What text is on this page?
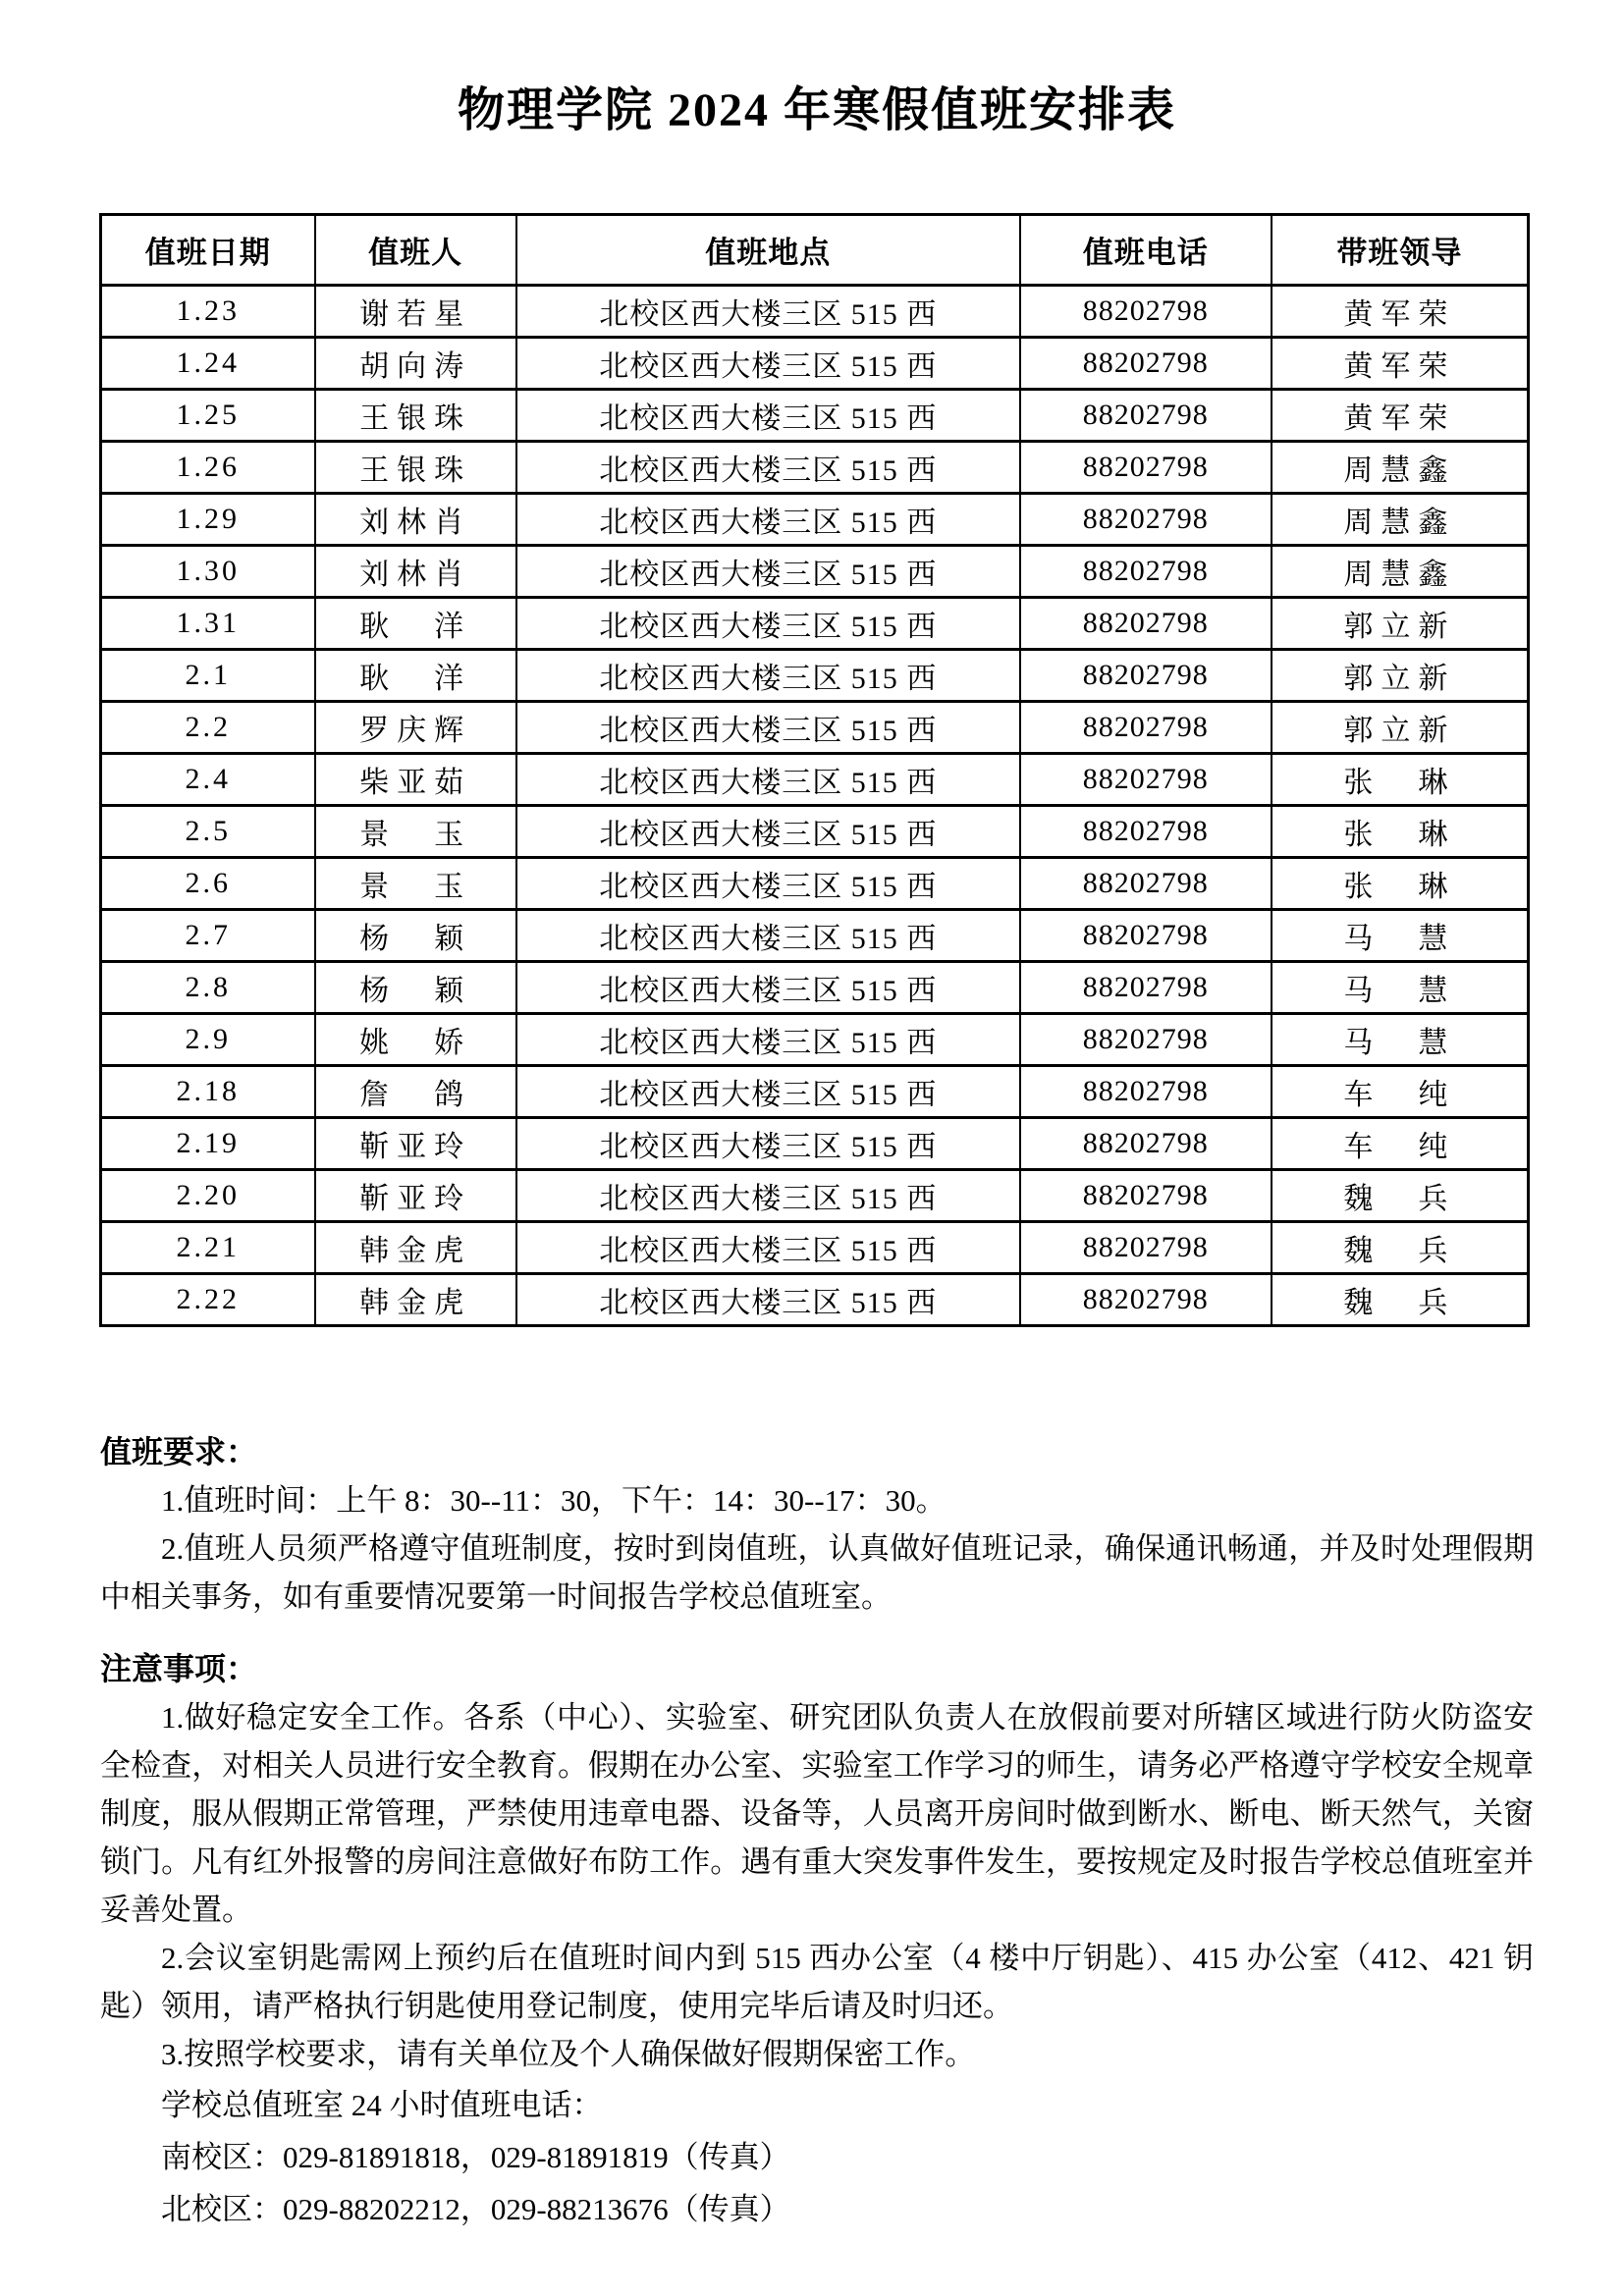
物理学院 2024 年寒假值班安排表
值班日期	值班人	值班地点	值班电话	带班领导
1.23	谢若星	北校区西大楼三区 515 西	88202798	黄军荣
1.24	胡向涛	北校区西大楼三区 515 西	88202798	黄军荣
1.25	王银珠	北校区西大楼三区 515 西	88202798	黄军荣
1.26	王银珠	北校区西大楼三区 515 西	88202798	周慧鑫
1.29	刘林肖	北校区西大楼三区 515 西	88202798	周慧鑫
1.30	刘林肖	北校区西大楼三区 515 西	88202798	周慧鑫
1.31	耿　洋	北校区西大楼三区 515 西	88202798	郭立新
2.1	耿　洋	北校区西大楼三区 515 西	88202798	郭立新
2.2	罗庆辉	北校区西大楼三区 515 西	88202798	郭立新
2.4	柴亚茹	北校区西大楼三区 515 西	88202798	张　琳
2.5	景　玉	北校区西大楼三区 515 西	88202798	张　琳
2.6	景　玉	北校区西大楼三区 515 西	88202798	张　琳
2.7	杨　颖	北校区西大楼三区 515 西	88202798	马　慧
2.8	杨　颖	北校区西大楼三区 515 西	88202798	马　慧
2.9	姚　娇	北校区西大楼三区 515 西	88202798	马　慧
2.18	詹　鸽	北校区西大楼三区 515 西	88202798	车　纯
2.19	靳亚玲	北校区西大楼三区 515 西	88202798	车　纯
2.20	靳亚玲	北校区西大楼三区 515 西	88202798	魏　兵
2.21	韩金虎	北校区西大楼三区 515 西	88202798	魏　兵
2.22	韩金虎	北校区西大楼三区 515 西	88202798	魏　兵

值班要求：

1.值班时间：上午 8：30--11：30，下午：14：30--17：30。

2.值班人员须严格遵守值班制度，按时到岗值班，认真做好值班记录，确保通讯畅通，并及时处理假期中相关事务，如有重要情况要第一时间报告学校总值班室。

注意事项：

1.做好稳定安全工作。各系（中心）、实验室、研究团队负责人在放假前要对所辖区域进行防火防盗安全检查，对相关人员进行安全教育。假期在办公室、实验室工作学习的师生，请务必严格遵守学校安全规章制度，服从假期正常管理，严禁使用违章电器、设备等，人员离开房间时做到断水、断电、断天然气，关窗锁门。凡有红外报警的房间注意做好布防工作。遇有重大突发事件发生，要按规定及时报告学校总值班室并妥善处置。

2.会议室钥匙需网上预约后在值班时间内到 515 西办公室（4 楼中厅钥匙）、415 办公室（412、421 钥匙）领用，请严格执行钥匙使用登记制度，使用完毕后请及时归还。

3.按照学校要求，请有关单位及个人确保做好假期保密工作。

学校总值班室 24 小时值班电话：

南校区：029-81891818，029-81891819（传真）

北校区：029-88202212，029-88213676（传真）
